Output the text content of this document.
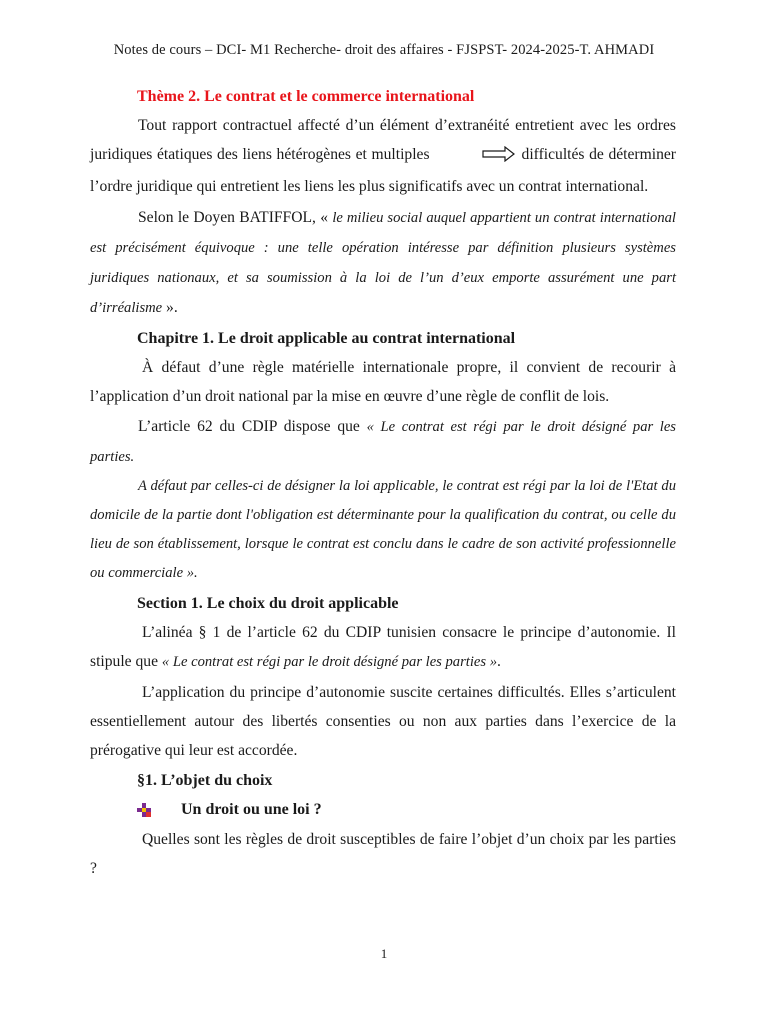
Notes de cours – DCI- M1 Recherche- droit des affaires - FJSPST- 2024-2025-T. AHMADI

Thème 2. Le contrat et le commerce international

Tout rapport contractuel affecté d’un élément d’extranéité entretient avec les ordres juridiques étatiques des liens hétérogènes et multiples	difficultés de déterminer l’ordre juridique qui entretient les liens les plus significatifs avec un contrat international.

Selon le Doyen BATIFFOL, « le milieu social auquel appartient un contrat international est précisément équivoque : une telle opération intéresse par définition plusieurs systèmes juridiques nationaux, et sa soumission à la loi de l’un d’eux emporte assurément une part d’irréalisme ».

Chapitre 1. Le droit applicable au contrat international

À défaut d’une règle matérielle internationale propre, il convient de recourir à l’application d’un droit national par la mise en œuvre d’une règle de conflit de lois.

L’article 62 du CDIP dispose que « Le contrat est régi par le droit désigné par les parties.

A défaut par celles-ci de désigner la loi applicable, le contrat est régi par la loi de l'Etat du domicile de la partie dont l'obligation est déterminante pour la qualification du contrat, ou celle du lieu de son établissement, lorsque le contrat est conclu dans le cadre de son activité professionnelle ou commerciale ».

Section 1. Le choix du droit applicable

L’alinéa § 1 de l’article 62 du CDIP tunisien consacre le principe d’autonomie. Il stipule que « Le contrat est régi par le droit désigné par les parties ».

L’application du principe d’autonomie suscite certaines difficultés. Elles s’articulent essentiellement autour des libertés consenties ou non aux parties dans l’exercice de la prérogative qui leur est accordée.

§1. L’objet du choix

Un droit ou une loi ?

Quelles sont les règles de droit susceptibles de faire l’objet d’un choix par les parties ?

1
